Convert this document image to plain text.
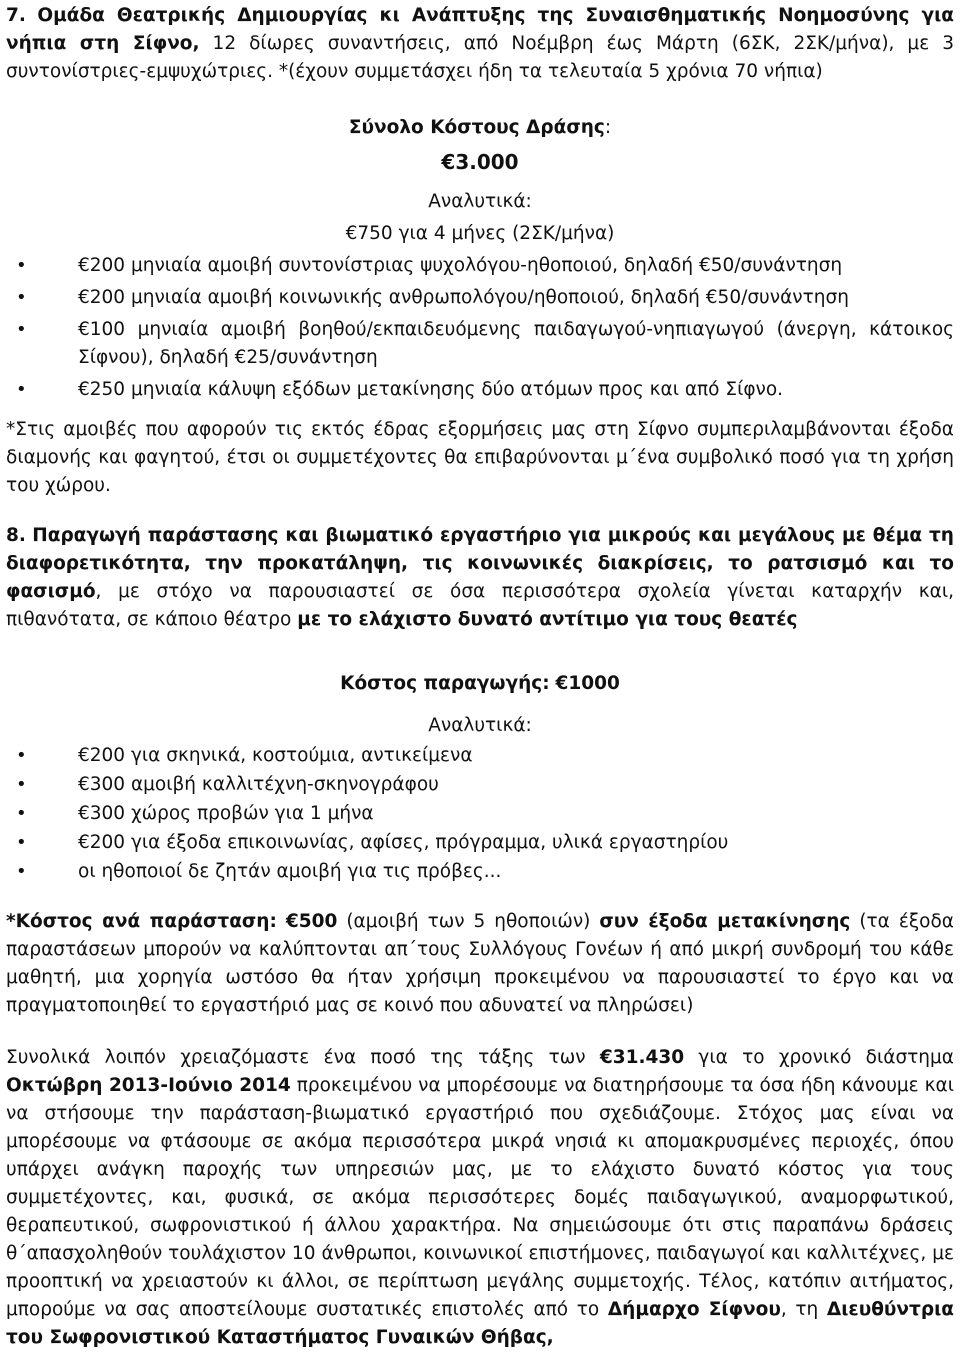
7. Ομάδα Θεατρικής Δημιουργίας κι Ανάπτυξης της Συναισθηματικής Νοημοσύνης για νήπια στη Σίφνο, 12 δίωρες συναντήσεις, από Νοέμβρη έως Μάρτη (6ΣΚ, 2ΣΚ/μήνα), με 3 συντονίστριες-εμψυχώτριες. *(έχουν συμμετάσχει ήδη τα τελευταία 5 χρόνια 70 νήπια)

Σύνολο Κόστους Δράσης:

€3.000

Αναλυτικά:

€750 για 4 μήνες (2ΣΚ/μήνα)

• €200 μηνιαία αμοιβή συντονίστριας ψυχολόγου-ηθοποιού, δηλαδή €50/συνάντηση
• €200 μηνιαία αμοιβή κοινωνικής ανθρωπολόγου/ηθοποιού, δηλαδή €50/συνάντηση
• €100 μηνιαία αμοιβή βοηθού/εκπαιδευόμενης παιδαγωγού-νηπιαγωγού (άνεργη, κάτοικος Σίφνου), δηλαδή €25/συνάντηση
• €250 μηνιαία κάλυψη εξόδων μετακίνησης δύο ατόμων προς και από Σίφνο.

*Στις αμοιβές που αφορούν τις εκτός έδρας εξορμήσεις μας στη Σίφνο συμπεριλαμβάνονται έξοδα διαμονής και φαγητού, έτσι οι συμμετέχοντες θα επιβαρύνονται μ΄ένα συμβολικό ποσό για τη χρήση του χώρου.

8. Παραγωγή παράστασης και βιωματικό εργαστήριο για μικρούς και μεγάλους με θέμα τη διαφορετικότητα, την προκατάληψη, τις κοινωνικές διακρίσεις, το ρατσισμό και το φασισμό, με στόχο να παρουσιαστεί σε όσα περισσότερα σχολεία γίνεται καταρχήν και, πιθανότατα, σε κάποιο θέατρο με το ελάχιστο δυνατό αντίτιμο για τους θεατές

Κόστος παραγωγής: €1000

Αναλυτικά:

• €200 για σκηνικά, κοστούμια, αντικείμενα
• €300 αμοιβή καλλιτέχνη-σκηνογράφου
• €300 χώρος προβών για 1 μήνα
• €200 για έξοδα επικοινωνίας, αφίσες, πρόγραμμα, υλικά εργαστηρίου
• οι ηθοποιοί δε ζητάν αμοιβή για τις πρόβες...

*Κόστος ανά παράσταση: €500 (αμοιβή των 5 ηθοποιών) συν έξοδα μετακίνησης (τα έξοδα παραστάσεων μπορούν να καλύπτονται απ΄τους Συλλόγους Γονέων ή από μικρή συνδρομή του κάθε μαθητή, μια χορηγία ωστόσο θα ήταν χρήσιμη προκειμένου να παρουσιαστεί το έργο και να πραγματοποιηθεί το εργαστήριό μας σε κοινό που αδυνατεί να πληρώσει)

Συνολικά λοιπόν χρειαζόμαστε ένα ποσό της τάξης των €31.430 για το χρονικό διάστημα Οκτώβρη 2013-Ιούνιο 2014 προκειμένου να μπορέσουμε να διατηρήσουμε τα όσα ήδη κάνουμε και να στήσουμε την παράσταση-βιωματικό εργαστήριό που σχεδιάζουμε. Στόχος μας είναι να μπορέσουμε να φτάσουμε σε ακόμα περισσότερα μικρά νησιά κι απομακρυσμένες περιοχές, όπου υπάρχει ανάγκη παροχής των υπηρεσιών μας, με το ελάχιστο δυνατό κόστος για τους συμμετέχοντες, και, φυσικά, σε ακόμα περισσότερες δομές παιδαγωγικού, αναμορφωτικού, θεραπευτικού, σωφρονιστικού ή άλλου χαρακτήρα. Να σημειώσουμε ότι στις παραπάνω δράσεις θ΄απασχοληθούν τουλάχιστον 10 άνθρωποι, κοινωνικοί επιστήμονες, παιδαγωγοί και καλλιτέχνες, με προοπτική να χρειαστούν κι άλλοι, σε περίπτωση μεγάλης συμμετοχής. Τέλος, κατόπιν αιτήματος, μπορούμε να σας αποστείλουμε συστατικές επιστολές από το Δήμαρχο Σίφνου, τη Διευθύντρια του Σωφρονιστικού Καταστήματος Γυναικών Θήβας,
